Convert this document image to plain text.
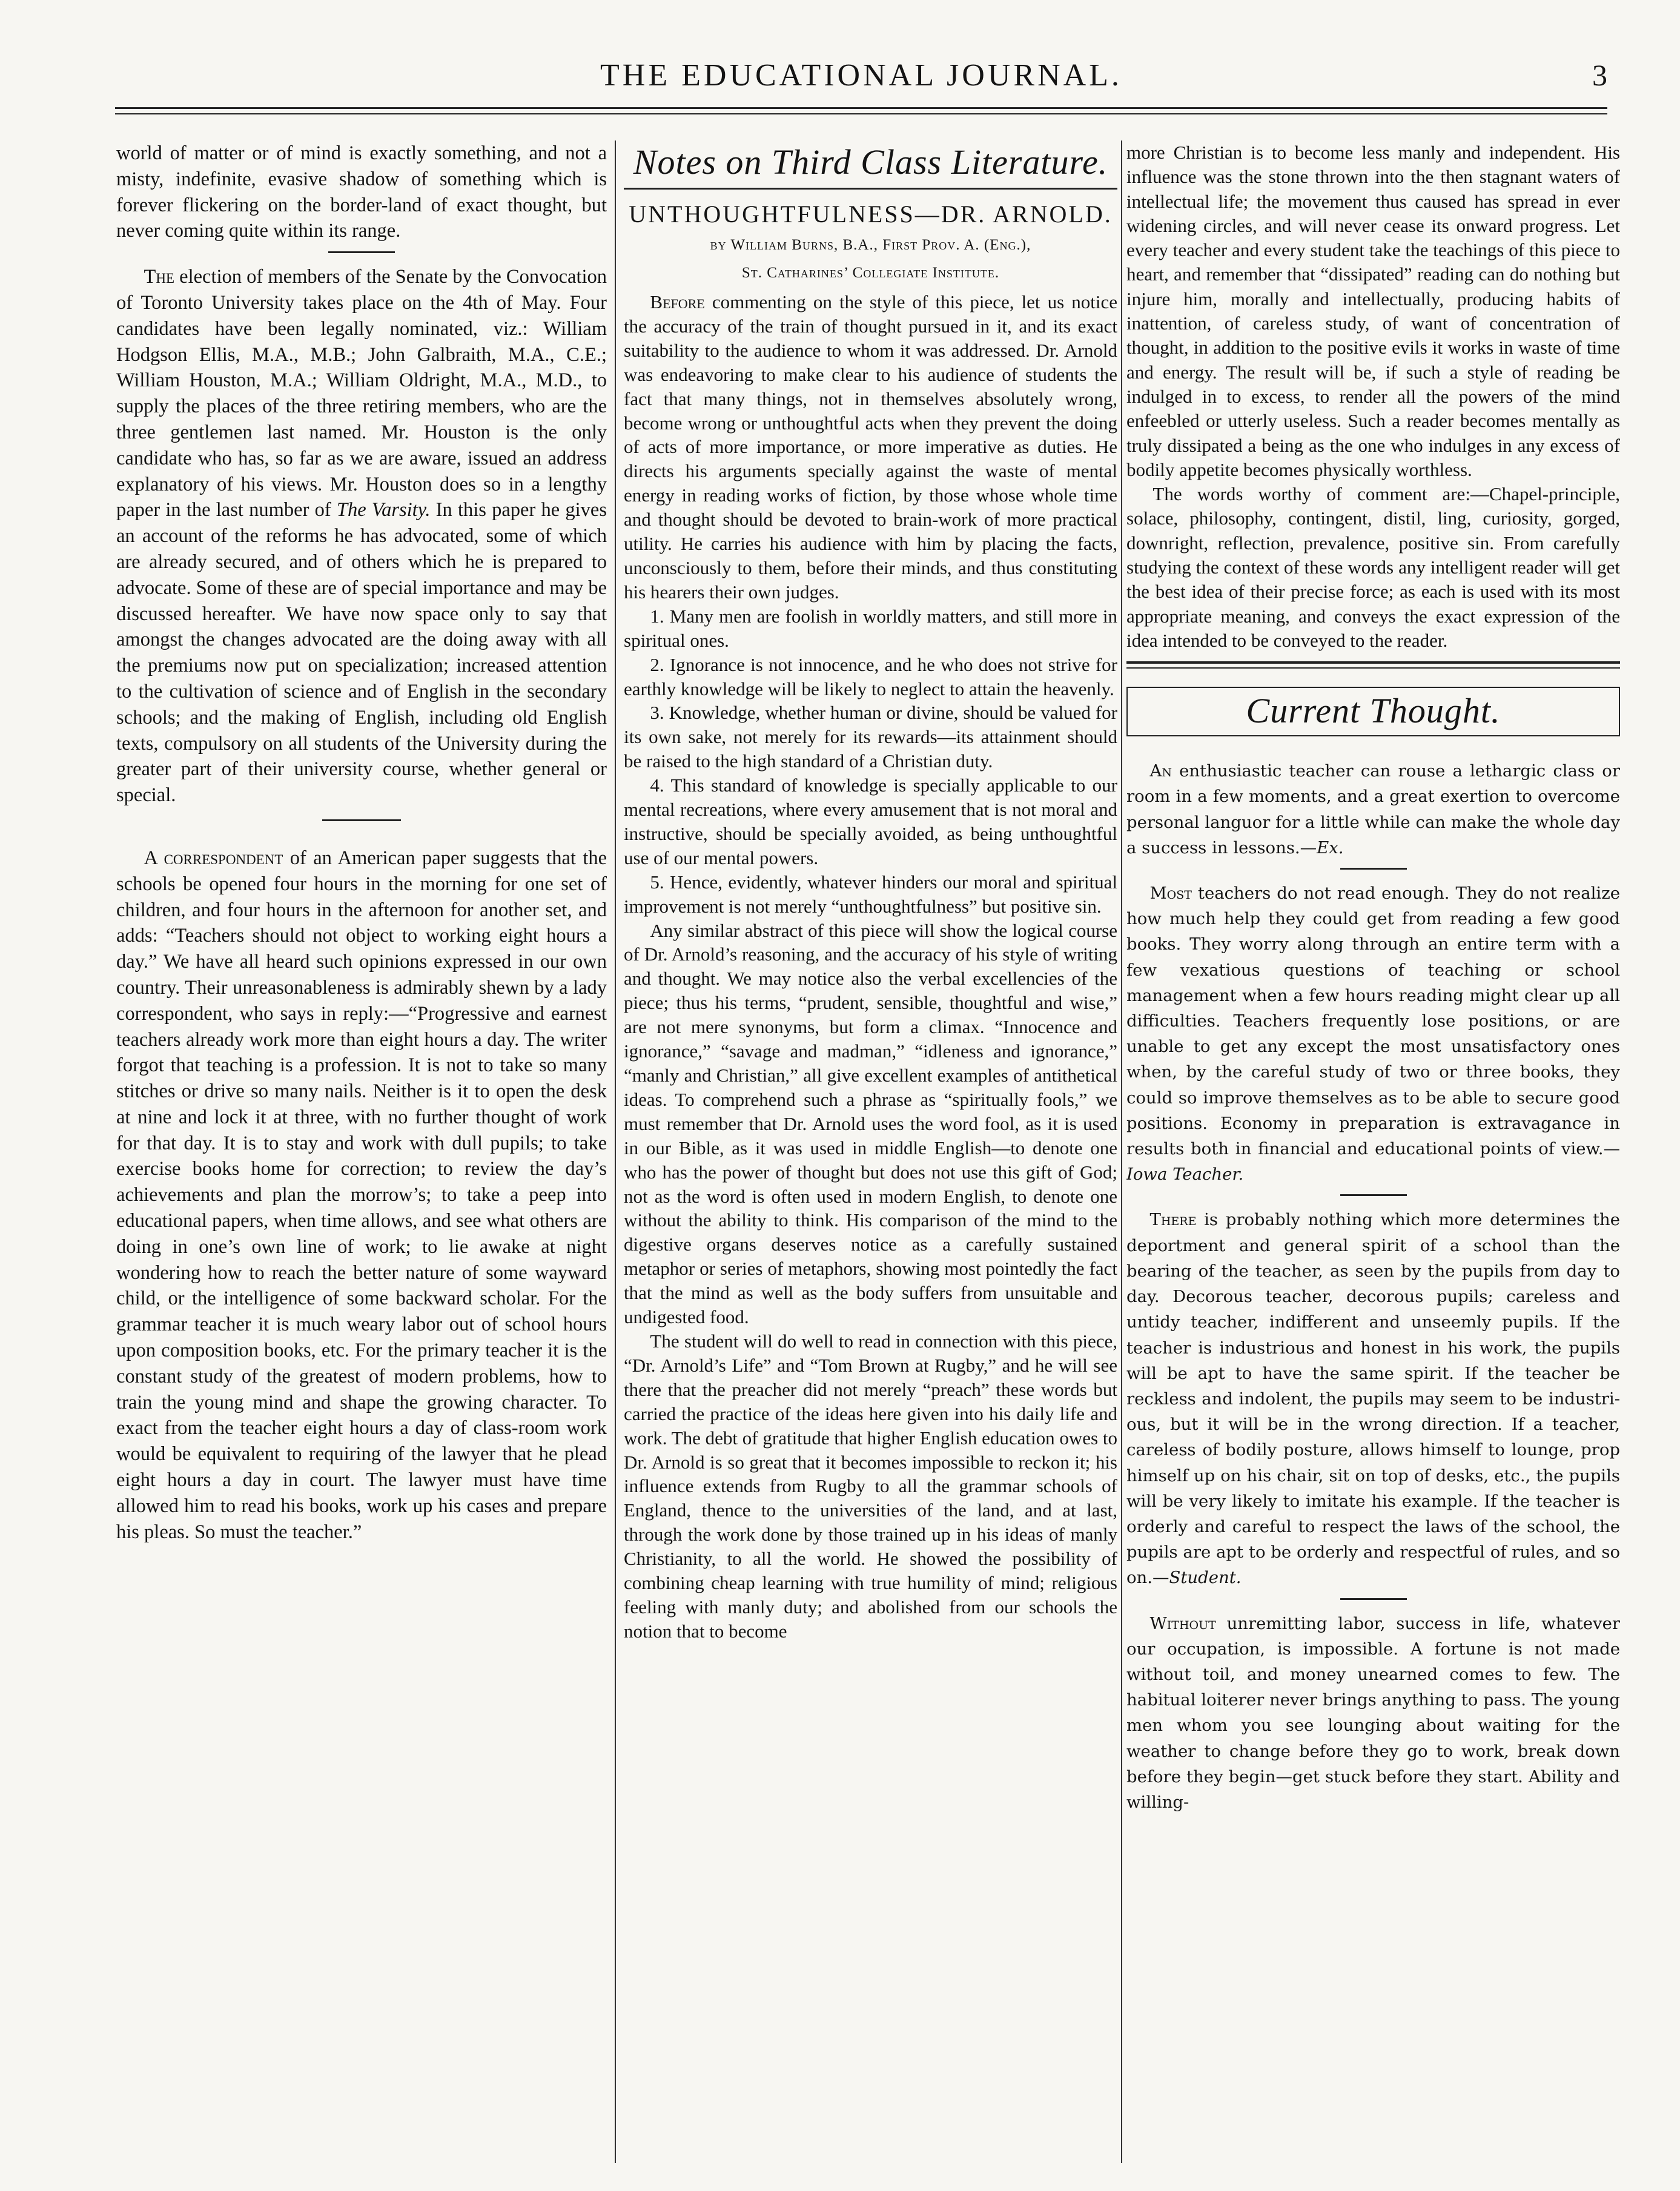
THE EDUCATIONAL JOURNAL.	3

world of matter or of mind is exactly something, and not a misty, indefinite, evasive shadow of something which is forever flickering on the border-land of exact thought, but never coming quite within its range.

The election of members of the Senate by the Convocation of Toronto University takes place on the 4th of May. Four candidates have been legally nominated, viz.: William Hodgson Ellis, M.A., M.B.; John Galbraith, M.A., C.E.; William Houston, M.A.; William Oldright, M.A., M.D., to supply the places of the three retiring members, who are the three gentlemen last named. Mr. Houston is the only candidate who has, so far as we are aware, issued an address explanatory of his views. Mr. Houston does so in a lengthy paper in the last number of The Varsity. In this paper he gives an account of the reforms he has advocated, some of which are already secured, and of others which he is prepared to advocate. Some of these are of special importance and may be discussed hereafter. We have now space only to say that amongst the changes advocated are the doing away with all the premiums now put on specialization; increased attention to the cultivation of science and of English in the secondary schools; and the making of English, including old English texts, compulsory on all students of the University during the greater part of their university course, whether general or special.

A correspondent of an American paper suggests that the schools be opened four hours in the morning for one set of children, and four hours in the afternoon for another set, and adds: “Teachers should not object to working eight hours a day.” We have all heard such opinions expressed in our own country. Their unreasonableness is admirably shewn by a lady correspondent, who says in reply:—“Progressive and earnest teachers already work more than eight hours a day. The writer forgot that teaching is a profession. It is not to take so many stitches or drive so many nails. Neither is it to open the desk at nine and lock it at three, with no further thought of work for that day. It is to stay and work with dull pupils; to take exercise books home for correction; to review the day’s achievements and plan the morrow’s; to take a peep into educational papers, when time allows, and see what others are doing in one’s own line of work; to lie awake at night wondering how to reach the better nature of some wayward child, or the intelligence of some backward scholar. For the grammar teacher it is much weary labor out of school hours upon composition books, etc. For the primary teacher it is the constant study of the greatest of modern problems, how to train the young mind and shape the growing character. To exact from the teacher eight hours a day of class-room work would be equivalent to requiring of the lawyer that he plead eight hours a day in court. The lawyer must have time allowed him to read his books, work up his cases and prepare his pleas. So must the teacher.”

Notes on Third Class Literature.
UNTHOUGHTFULNESS—DR. ARNOLD.
by William Burns, B.A., First Prov. A. (Eng.),
St. Catharines’ Collegiate Institute.

Before commenting on the style of this piece, let us notice the accuracy of the train of thought pursued in it, and its exact suitability to the audience to whom it was addressed. Dr. Arnold was endeavoring to make clear to his audience of students the fact that many things, not in themselves absolutely wrong, become wrong or unthoughtful acts when they prevent the doing of acts of more importance, or more imperative as duties. He directs his arguments specially against the waste of mental energy in reading works of fiction, by those whose whole time and thought should be devoted to brain-work of more practical utility. He carries his audience with him by placing the facts, unconsciously to them, before their minds, and thus constituting his hearers their own judges.

1. Many men are foolish in worldly matters, and still more in spiritual ones.

2. Ignorance is not innocence, and he who does not strive for earthly knowledge will be likely to neglect to attain the heavenly.

3. Knowledge, whether human or divine, should be valued for its own sake, not merely for its rewards—its attainment should be raised to the high standard of a Christian duty.

4. This standard of knowledge is specially applicable to our mental recreations, where every amusement that is not moral and instructive, should be specially avoided, as being unthoughtful use of our mental powers.

5. Hence, evidently, whatever hinders our moral and spiritual improvement is not merely “unthoughtfulness” but positive sin.

Any similar abstract of this piece will show the logical course of Dr. Arnold’s reasoning, and the accuracy of his style of writing and thought. We may notice also the verbal excellencies of the piece; thus his terms, “prudent, sensible, thoughtful and wise,” are not mere synonyms, but form a climax. “Innocence and ignorance,” “savage and madman,” “idleness and ignorance,” “manly and Christian,” all give excellent examples of antithetical ideas. To comprehend such a phrase as “spiritually fools,” we must remember that Dr. Arnold uses the word fool, as it is used in our Bible, as it was used in middle English—to denote one who has the power of thought but does not use this gift of God; not as the word is often used in modern English, to denote one without the ability to think. His comparison of the mind to the digestive organs deserves notice as a carefully sustained metaphor or series of metaphors, showing most pointedly the fact that the mind as well as the body suffers from unsuitable and undigested food.

The student will do well to read in connection with this piece, “Dr. Arnold’s Life” and “Tom Brown at Rugby,” and he will see there that the preacher did not merely “preach” these words but carried the practice of the ideas here given into his daily life and work. The debt of gratitude that higher English education owes to Dr. Arnold is so great that it becomes impossible to reckon it; his influence extends from Rugby to all the grammar schools of England, thence to the universities of the land, and at last, through the work done by those trained up in his ideas of manly Christianity, to all the world. He showed the possibility of combining cheap learning with true humility of mind; religious feeling with manly duty; and abolished from our schools the notion that to become

more Christian is to become less manly and independent. His influence was the stone thrown into the then stagnant waters of intellectual life; the movement thus caused has spread in ever widening circles, and will never cease its onward progress. Let every teacher and every student take the teachings of this piece to heart, and remember that “dissipated” reading can do nothing but injure him, morally and intellectually, producing habits of inattention, of careless study, of want of concentration of thought, in addition to the positive evils it works in waste of time and energy. The result will be, if such a style of reading be indulged in to excess, to render all the powers of the mind enfeebled or utterly useless. Such a reader becomes mentally as truly dissipated a being as the one who indulges in any excess of bodily appetite becomes physically worthless.

The words worthy of comment are:—Chapel-principle, solace, philosophy, contingent, distil, ling, curiosity, gorged, downright, reflection, prevalence, positive sin. From carefully studying the context of these words any intelligent reader will get the best idea of their precise force; as each is used with its most appropriate meaning, and conveys the exact expression of the idea intended to be conveyed to the reader.

Current Thought.

An enthusiastic teacher can rouse a lethargic class or room in a few moments, and a great exertion to overcome personal languor for a little while can make the whole day a success in lessons.—Ex.

Most teachers do not read enough. They do not realize how much help they could get from reading a few good books. They worry along through an entire term with a few vexatious questions of teaching or school management when a few hours reading might clear up all difficulties. Teachers frequently lose positions, or are unable to get any except the most unsatisfactory ones when, by the careful study of two or three books, they could so improve themselves as to be able to secure good positions. Economy in preparation is extravagance in results both in financial and educational points of view.—Iowa Teacher.

There is probably nothing which more determines the deportment and general spirit of a school than the bearing of the teacher, as seen by the pupils from day to day. Decorous teacher, decorous pupils; careless and untidy teacher, indifferent and unseemly pupils. If the teacher is industrious and honest in his work, the pupils will be apt to have the same spirit. If the teacher be reckless and indolent, the pupils may seem to be industrious, but it will be in the wrong direction. If a teacher, careless of bodily posture, allows himself to lounge, prop himself up on his chair, sit on top of desks, etc., the pupils will be very likely to imitate his example. If the teacher is orderly and careful to respect the laws of the school, the pupils are apt to be orderly and respectful of rules, and so on.—Student.

Without unremitting labor, success in life, whatever our occupation, is impossible. A fortune is not made without toil, and money unearned comes to few. The habitual loiterer never brings anything to pass. The young men whom you see lounging about waiting for the weather to change before they go to work, break down before they begin—get stuck before they start. Ability and willing-
